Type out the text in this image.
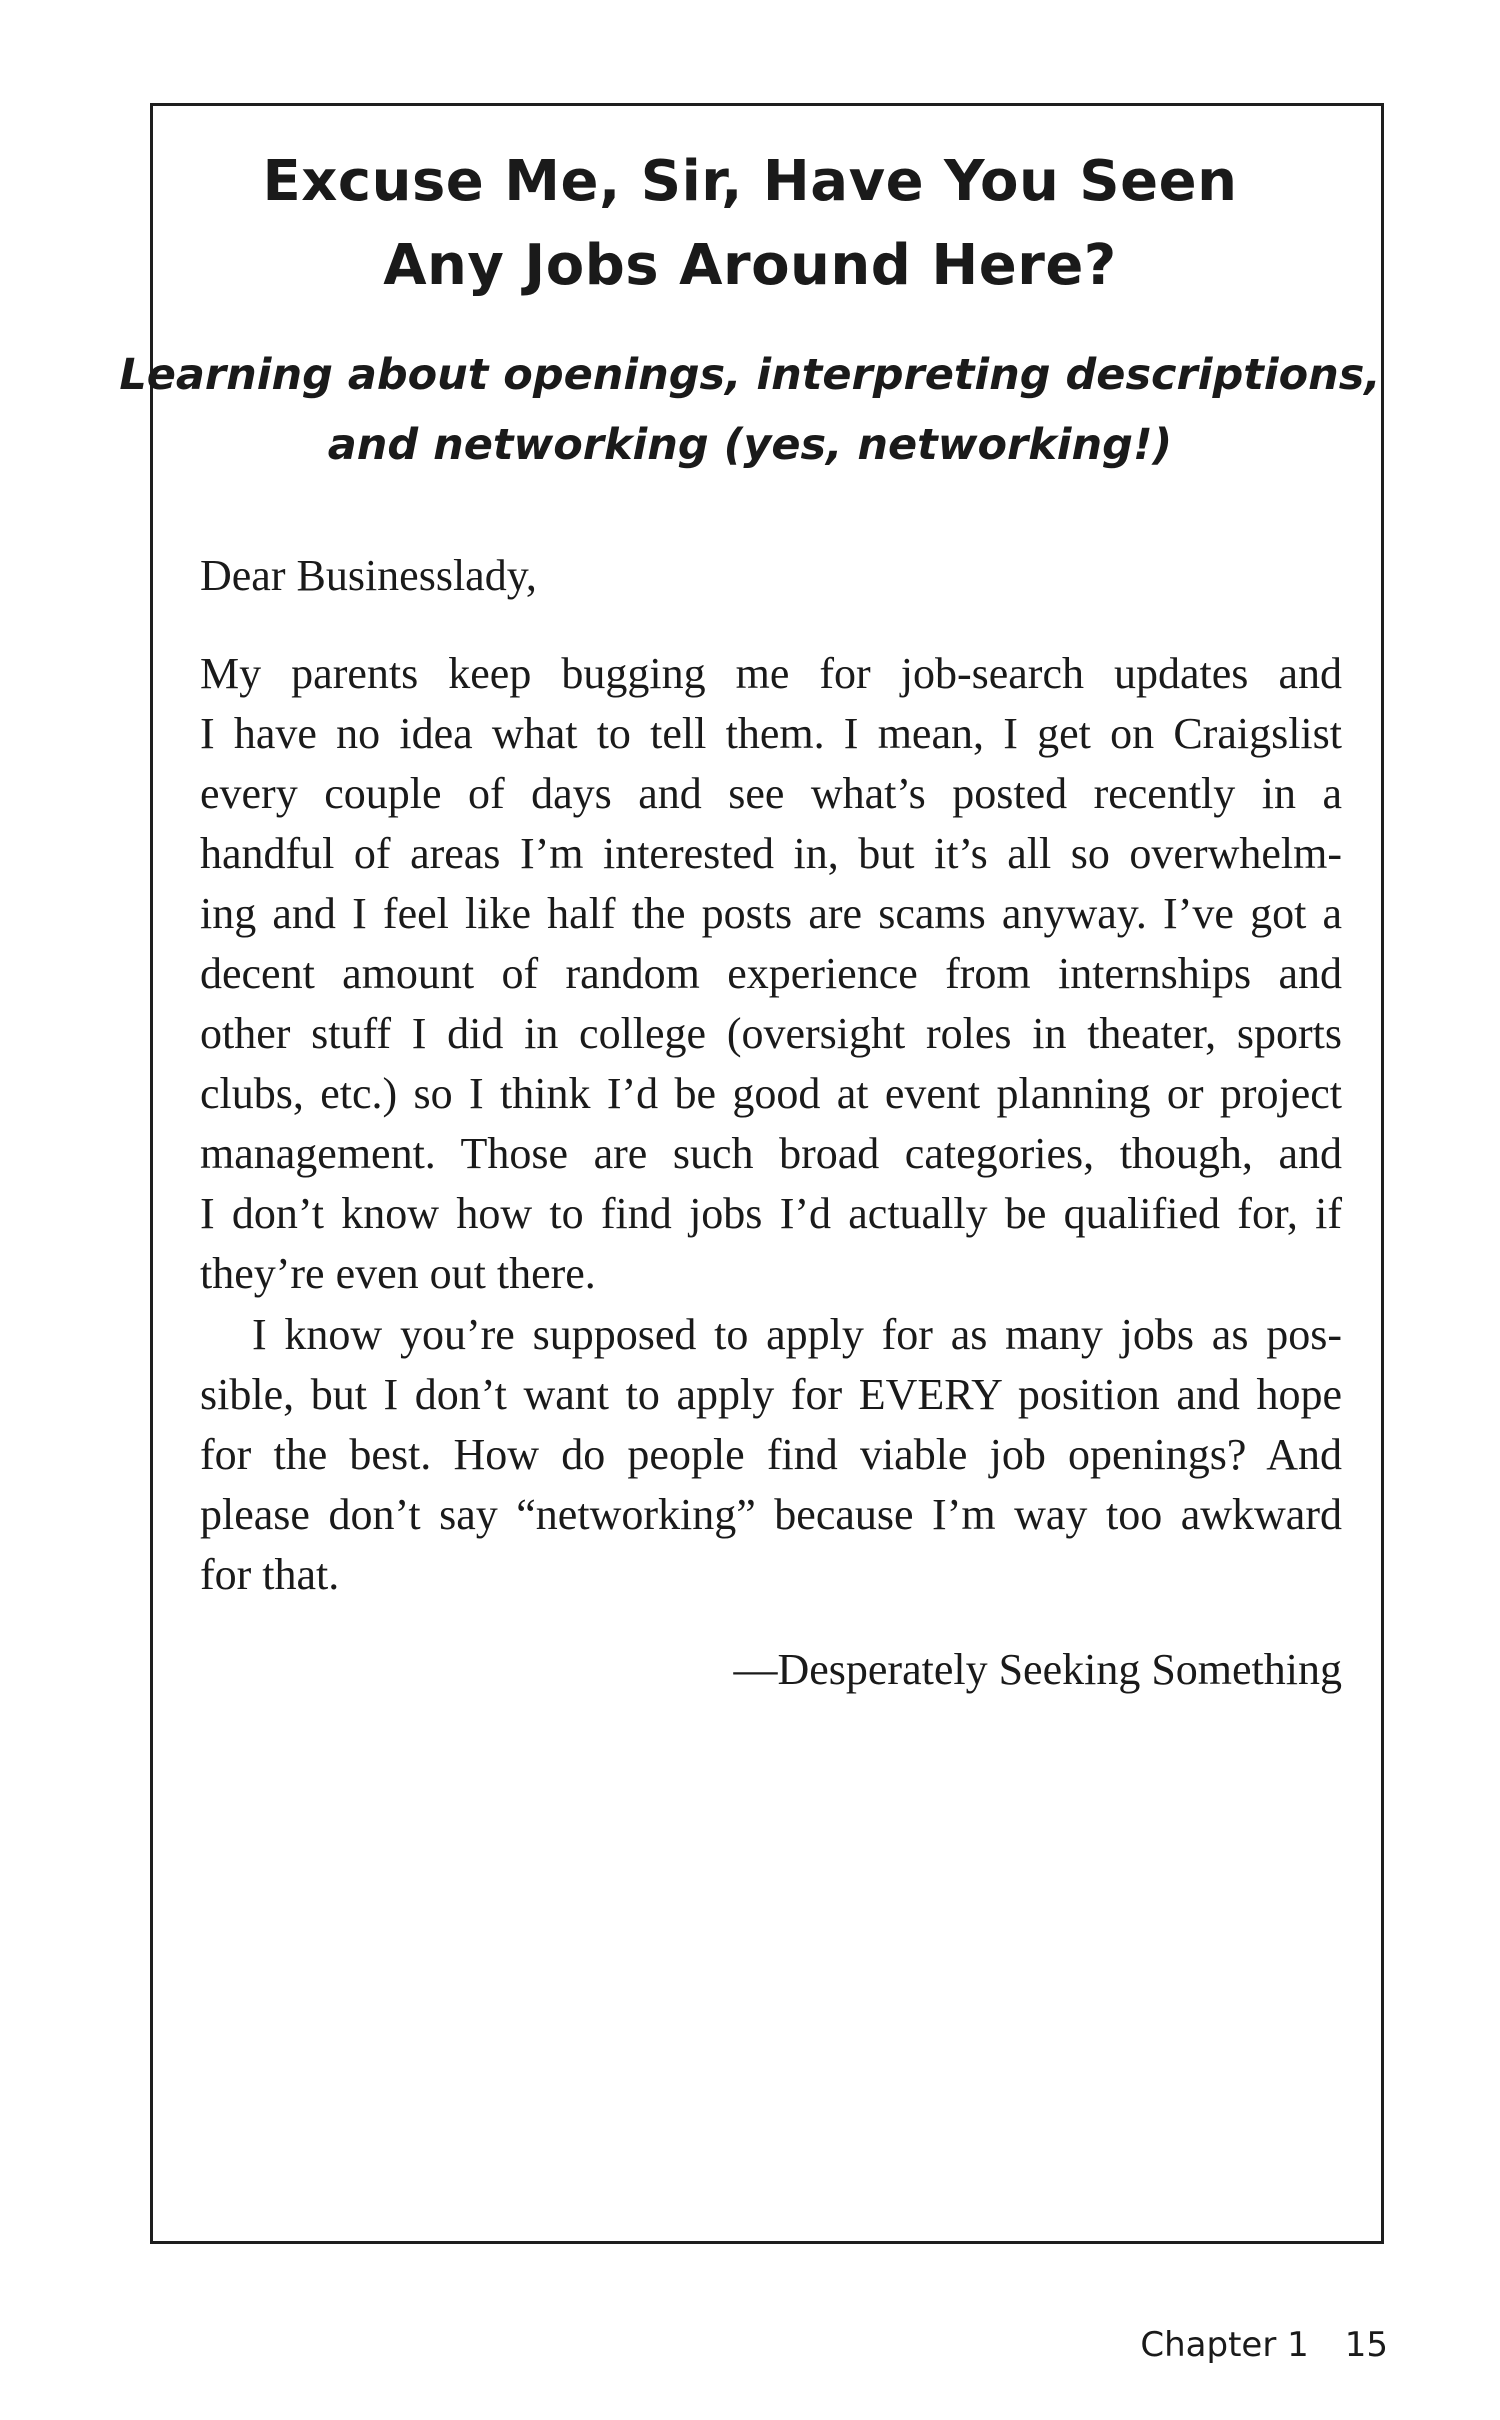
Excuse Me, Sir, Have You Seen
Any Jobs Around Here?
Learning about openings, interpreting descriptions,
and networking (yes, networking!)
Dear Businesslady,
My parents keep bugging me for job-search updates and
I have no idea what to tell them. I mean, I get on Craigslist
every couple of days and see what’s posted recently in a
handful of areas I’m interested in, but it’s all so overwhelm-
ing and I feel like half the posts are scams anyway. I’ve got a
decent amount of random experience from internships and
other stuff I did in college (oversight roles in theater, sports
clubs, etc.) so I think I’d be good at event planning or project
management. Those are such broad categories, though, and
I don’t know how to find jobs I’d actually be qualified for, if
they’re even out there.
I know you’re supposed to apply for as many jobs as pos-
sible, but I don’t want to apply for EVERY position and hope
for the best. How do people find viable job openings? And
please don’t say “networking” because I’m way too awkward
for that.
—Desperately Seeking Something
Chapter 1 15
